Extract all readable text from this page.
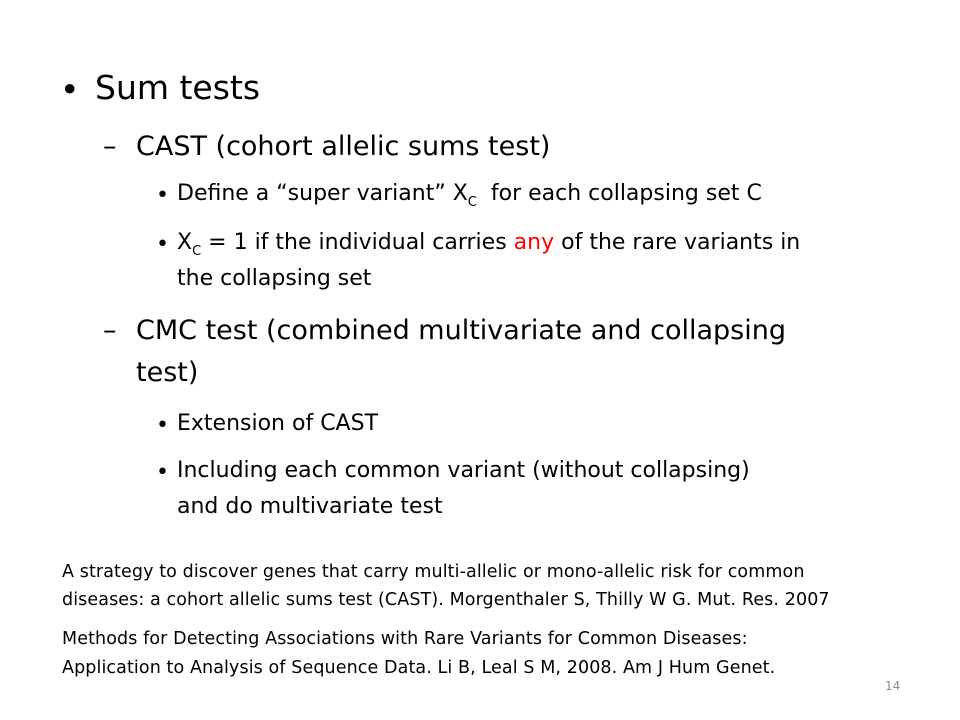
• Sum tests
– CAST (cohort allelic sums test)
• Define a “super variant” $X_C$  for each collapsing set C
• $X_C = 1$ if the individual carries any of the rare variants in
the collapsing set
– CMC test (combined multivariate and collapsing
test)
• Extension of CAST
• Including each common variant (without collapsing)
and do multivariate test
A strategy to discover genes that carry multi-allelic or mono-allelic risk for common
diseases: a cohort allelic sums test (CAST). Morgenthaler S, Thilly W G. Mut. Res. 2007
Methods for Detecting Associations with Rare Variants for Common Diseases:
Application to Analysis of Sequence Data. Li B, Leal S M, 2008. Am J Hum Genet.
14
